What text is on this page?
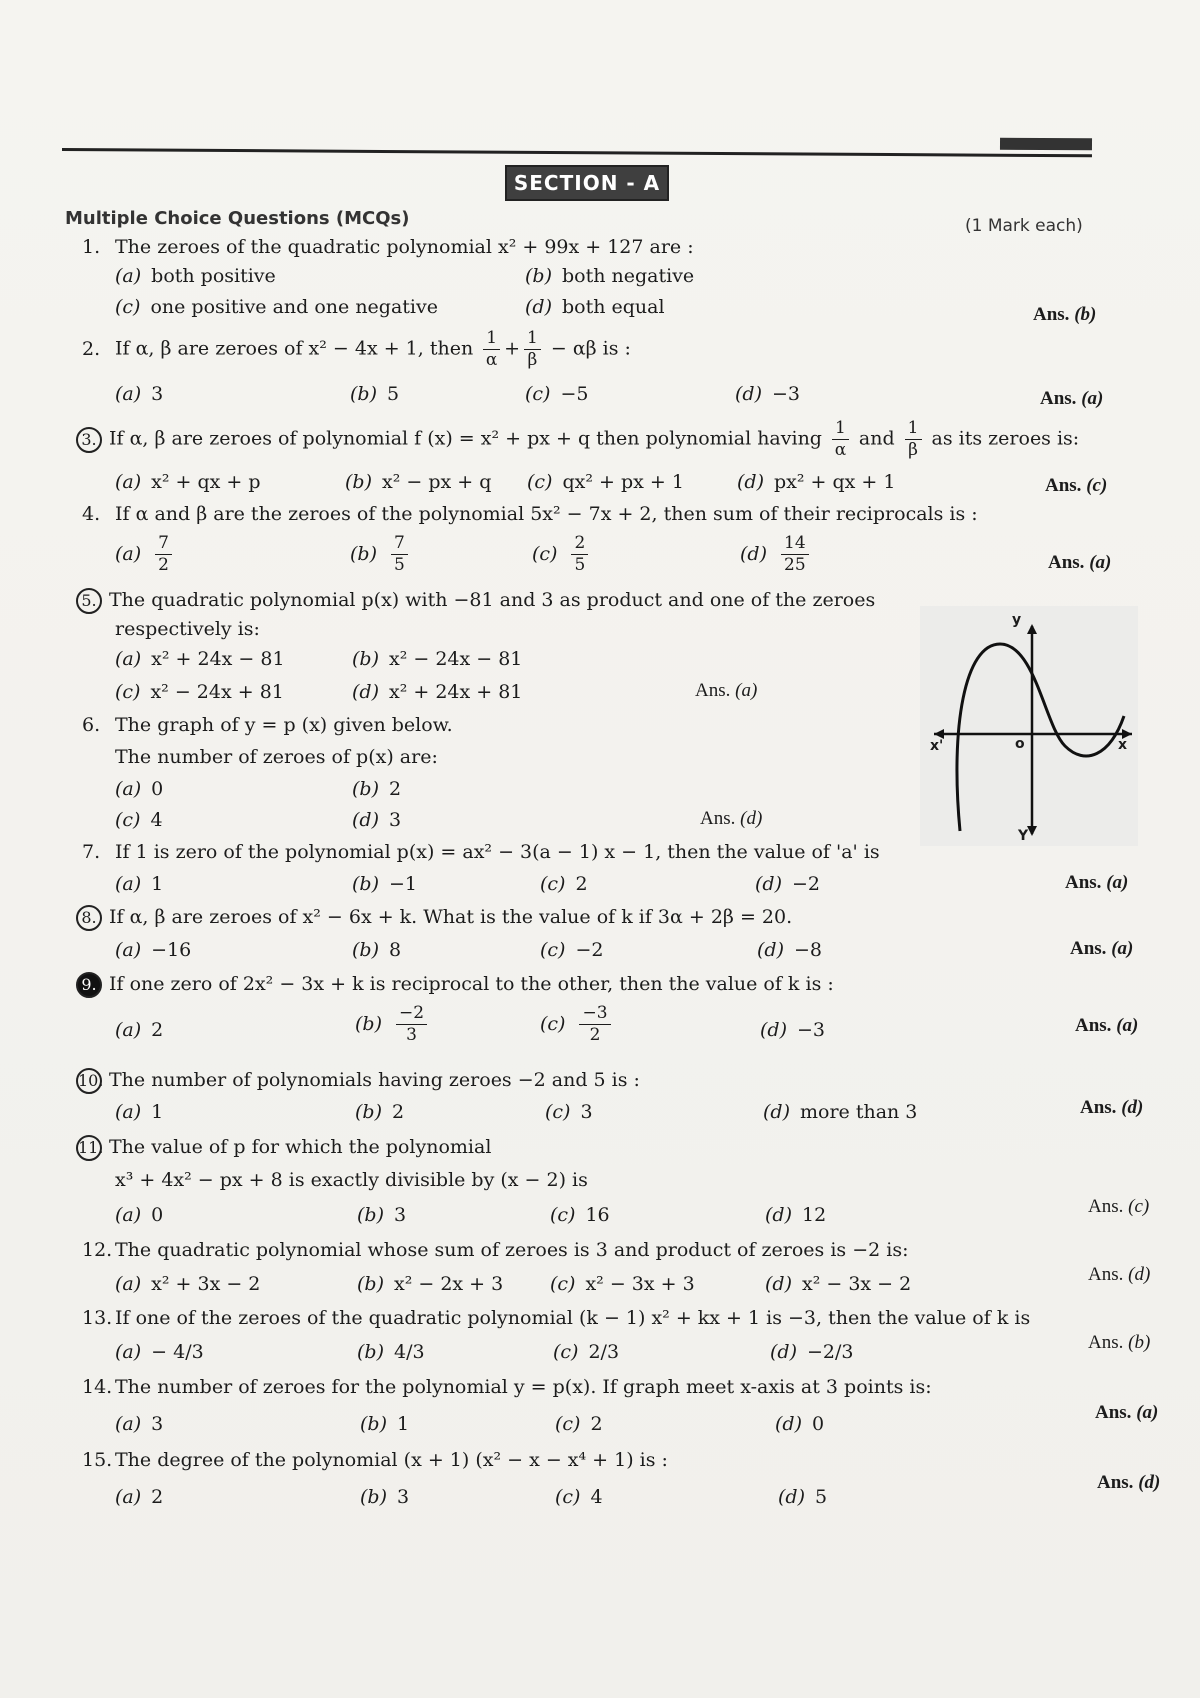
SECTION - A
Multiple Choice Questions (MCQs)	(1 Mark each)
1. The zeroes of the quadratic polynomial x² + 99x + 127 are :
(a) both positive	(b) both negative
(c) one positive and one negative	(d) both equal	Ans. (b)
2. If α, β are zeroes of x² − 4x + 1, then $\frac{1}{\alpha} + \frac{1}{\beta} - \alpha\beta$ is :
(a) 3	(b) 5	(c) −5	(d) −3	Ans. (a)
3. If α, β are zeroes of polynomial f (x) = x² + px + q then polynomial having $\frac{1}{\alpha}$ and $\frac{1}{\beta}$ as its zeroes is:
(a) x² + qx + p	(b) x² − px + q (c) qx² + px + 1	(d) px² + qx + 1	Ans. (c)
4. If α and β are the zeroes of the polynomial 5x² − 7x + 2, then sum of their reciprocals is :
$(a) \frac{7}{2}$	$(b) \frac{7}{5}$	$(c) \frac{2}{5}$	$(d) \frac{14}{25}$	Ans. (a)
5. The quadratic polynomial p(x) with −81 and 3 as product and one of the zeroes
respectively is:
(a) x² + 24x − 81	(b) x² − 24x − 81
(c) x² − 24x + 81	(d) x² + 24x + 81	Ans. (a)
6. The graph of y = p (x) given below.
The number of zeroes of p(x) are:
(a) 0	(b) 2
(c) 4	(d) 3	Ans. (d)
y
Y
x'	x
o
7. If 1 is zero of the polynomial p(x) = ax² − 3(a − 1) x − 1, then the value of 'a' is
(a) 1	(b) −1	(c) 2	(d) −2	Ans. (a)
8. If α, β are zeroes of x² − 6x + k. What is the value of k if 3α + 2β = 20.
(a) −16	(b) 8	(c) −2	(d) −8	Ans. (a)
9. If one zero of 2x² − 3x + k is reciprocal to the other, then the value of k is :
(a) 2	$(b) \frac{-2}{3}$	$(c) \frac{-3}{2}$	(d) −3	Ans. (a)
10. The number of polynomials having zeroes −2 and 5 is :
(a) 1	(b) 2	(c) 3	(d) more than 3	Ans. (d)
11. The value of p for which the polynomial
x³ + 4x² − px + 8 is exactly divisible by (x − 2) is
(a) 0	(b) 3	(c) 16	(d) 12	Ans. (c)
12. The quadratic polynomial whose sum of zeroes is 3 and product of zeroes is −2 is:
(a) x² + 3x − 2	(b) x² − 2x + 3 (c) x² − 3x + 3	(d) x² − 3x − 2	Ans. (d)
13. If one of the zeroes of the quadratic polynomial (k − 1) x² + kx + 1 is −3, then the value of k is
(a) − 4/3	(b) 4/3	(c) 2/3	(d) −2/3	Ans. (b)
14. The number of zeroes for the polynomial y = p(x). If graph meet x-axis at 3 points is:
(a) 3	(b) 1	(c) 2	(d) 0
Ans. (a)
15. The degree of the polynomial (x + 1) (x² − x − x⁴ + 1) is :
(a) 2	(b) 3	(c) 4	(d) 5
Ans. (d)
